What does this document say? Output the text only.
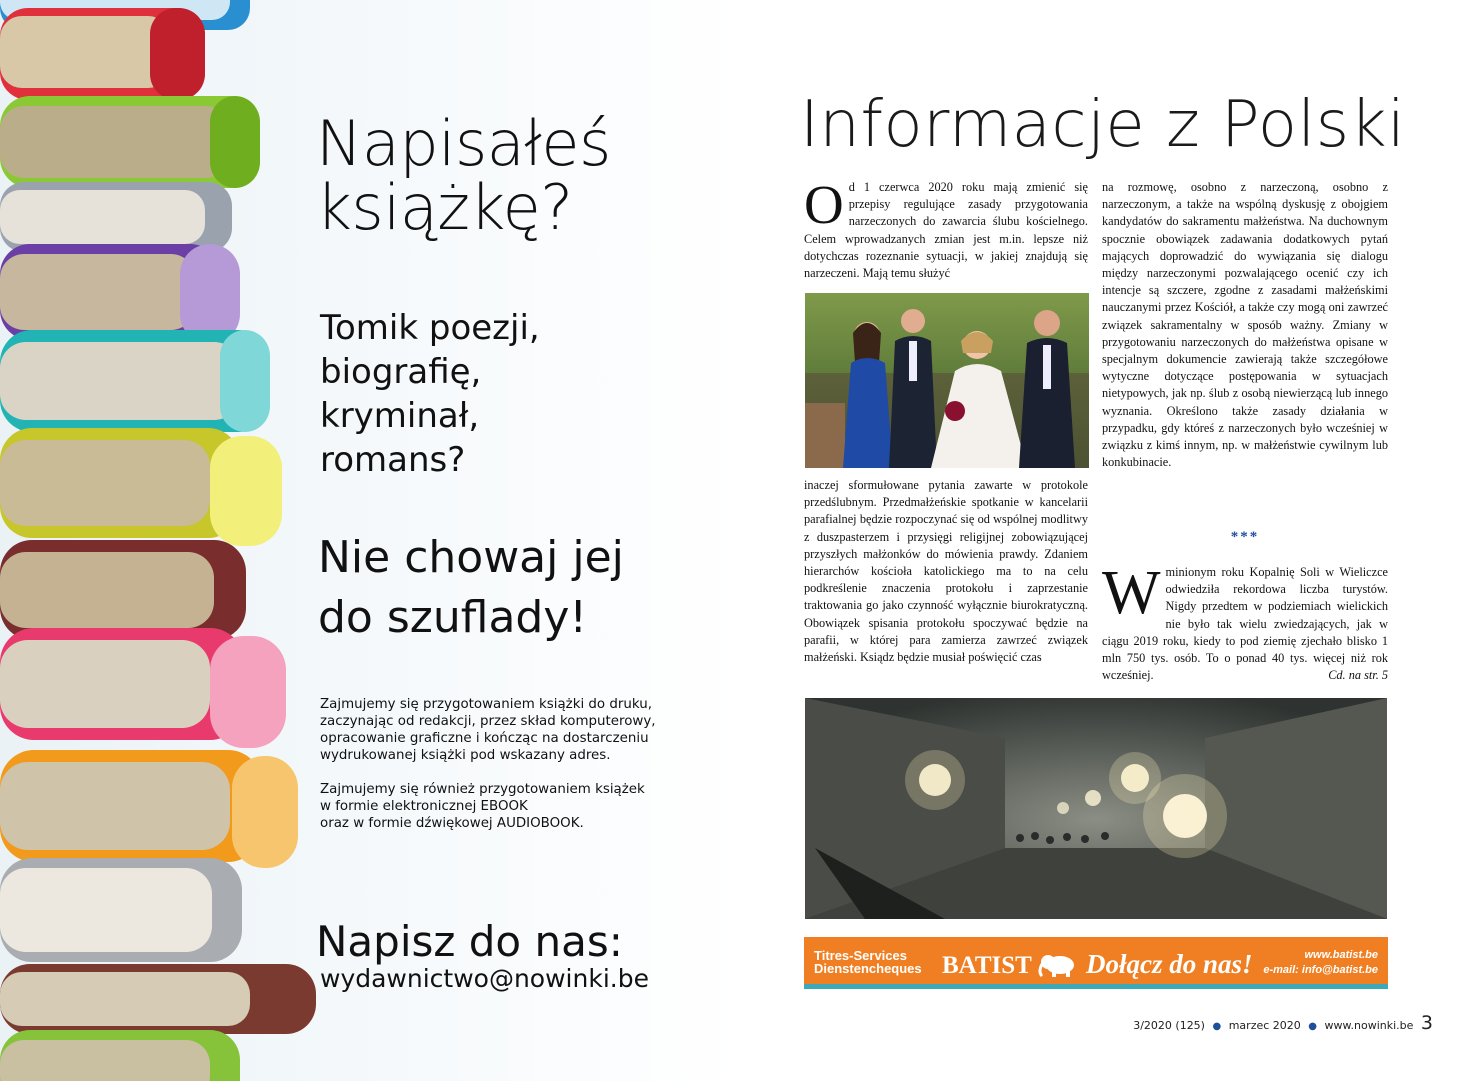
Napisałeś
książkę?
Tomik poezji,
biografię,
kryminał,
romans?
Nie chowaj jej
do szuflady!

Zajmujemy się przygotowaniem książki do druku,
zaczynając od redakcji, przez skład komputerowy,
opracowanie graficzne i kończąc na dostarczeniu
wydrukowanej książki pod wskazany adres.

Zajmujemy się również przygotowaniem książek
w formie elektronicznej EBOOK
oraz w formie dźwiękowej AUDIOBOOK.

Napisz do nas:
wydawnictwo@nowinki.be
Informacje z Polski
Od 1 czerwca 2020 roku mają zmienić się przepisy regulujące zasady przygotowania narzeczonych do zawarcia ślubu kościelnego. Celem wprowadzanych zmian jest m.in. lepsze niż dotychczas rozeznanie sytuacji, w jakiej znajdują się narzeczeni. Mają temu służyć
inaczej sformułowane pytania zawarte w protokole przedślubnym. Przedmałżeńskie spotkanie w kancelarii parafialnej będzie rozpoczynać się od wspólnej modlitwy z duszpasterzem i przysięgi religijnej zobowiązującej przyszłych małżonków do mówienia prawdy. Zdaniem hierarchów kościoła katolickiego ma to na celu podkreślenie znaczenia protokołu i zaprzestanie traktowania go jako czynność wyłącznie biurokratyczną. Obowiązek spisania protokołu spoczywać będzie na parafii, w której para zamierza zawrzeć związek małżeński. Ksiądz będzie musiał poświęcić czas
na rozmowę, osobno z narzeczoną, osobno z narzeczonym, a także na wspólną dyskusję z obojgiem kandydatów do sakramentu małżeństwa. Na duchownym spocznie obowiązek zadawania dodatkowych pytań mających doprowadzić do wywiązania się dialogu między narzeczonymi pozwalającego ocenić czy ich intencje są szczere, zgodne z zasadami małżeńskimi nauczanymi przez Kościół, a także czy mogą oni zawrzeć związek sakramentalny w sposób ważny. Zmiany w przygotowaniu narzeczonych do małżeństwa opisane w specjalnym dokumencie zawierają także szczegółowe wytyczne dotyczące postępowania w sytuacjach nietypowych, jak np. ślub z osobą niewierzącą lub innego wyznania. Określono także zasady działania w przypadku, gdy któreś z narzeczonych było wcześniej w związku z kimś innym, np. w małżeństwie cywilnym lub konkubinacie.
***
Wminionym roku Kopalnię Soli w Wieliczce odwiedziła rekordowa liczba turystów. Nigdy przedtem w podziemiach wielickich nie było tak wielu zwiedzających, jak w ciągu 2019 roku, kiedy to pod ziemię zjechało blisko 1 mln 750 tys. osób. To o ponad 40 tys. więcej niż rok wcześniej.	Cd. na str. 5
Titres-Services
Dienstencheques BATIST Dołącz do nas!	www.batist.be
e-mail: info@batist.be
3/2020 (125) ● marzec 2020 ● www.nowinki.be 3
